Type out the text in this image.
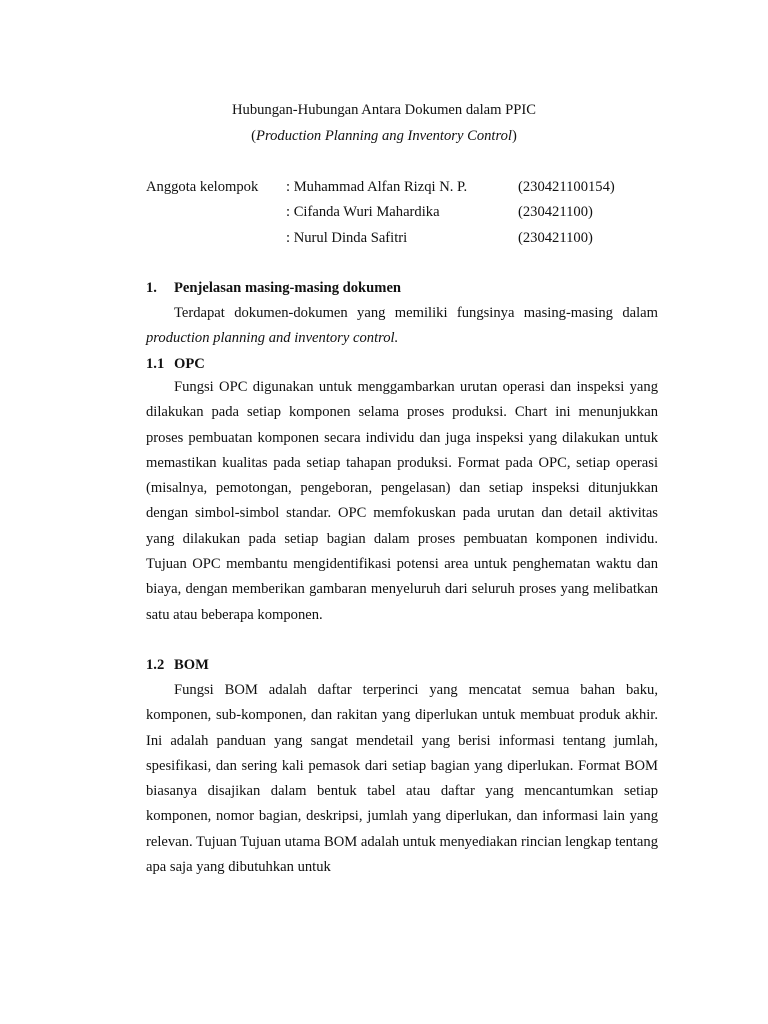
Hubungan-Hubungan Antara Dokumen dalam PPIC
(Production Planning ang Inventory Control)
Anggota kelompok : Muhammad Alfan Rizqi N. P.	(230421100154)
: Cifanda Wuri Mahardika	(230421100)
: Nurul Dinda Safitri	(230421100)
1. Penjelasan masing-masing dokumen
Terdapat dokumen-dokumen yang memiliki fungsinya masing-masing dalam production planning and inventory control.
1.1 OPC
Fungsi OPC digunakan untuk menggambarkan urutan operasi dan inspeksi yang dilakukan pada setiap komponen selama proses produksi. Chart ini menunjukkan proses pembuatan komponen secara individu dan juga inspeksi yang dilakukan untuk memastikan kualitas pada setiap tahapan produksi. Format pada OPC, setiap operasi (misalnya, pemotongan, pengeboran, pengelasan) dan setiap inspeksi ditunjukkan dengan simbol-simbol standar. OPC memfokuskan pada urutan dan detail aktivitas yang dilakukan pada setiap bagian dalam proses pembuatan komponen individu. Tujuan OPC membantu mengidentifikasi potensi area untuk penghematan waktu dan biaya, dengan memberikan gambaran menyeluruh dari seluruh proses yang melibatkan satu atau beberapa komponen.
1.2 BOM
Fungsi BOM adalah daftar terperinci yang mencatat semua bahan baku, komponen, sub-komponen, dan rakitan yang diperlukan untuk membuat produk akhir. Ini adalah panduan yang sangat mendetail yang berisi informasi tentang jumlah, spesifikasi, dan sering kali pemasok dari setiap bagian yang diperlukan. Format BOM biasanya disajikan dalam bentuk tabel atau daftar yang mencantumkan setiap komponen, nomor bagian, deskripsi, jumlah yang diperlukan, dan informasi lain yang relevan. Tujuan Tujuan utama BOM adalah untuk menyediakan rincian lengkap tentang apa saja yang dibutuhkan untuk
